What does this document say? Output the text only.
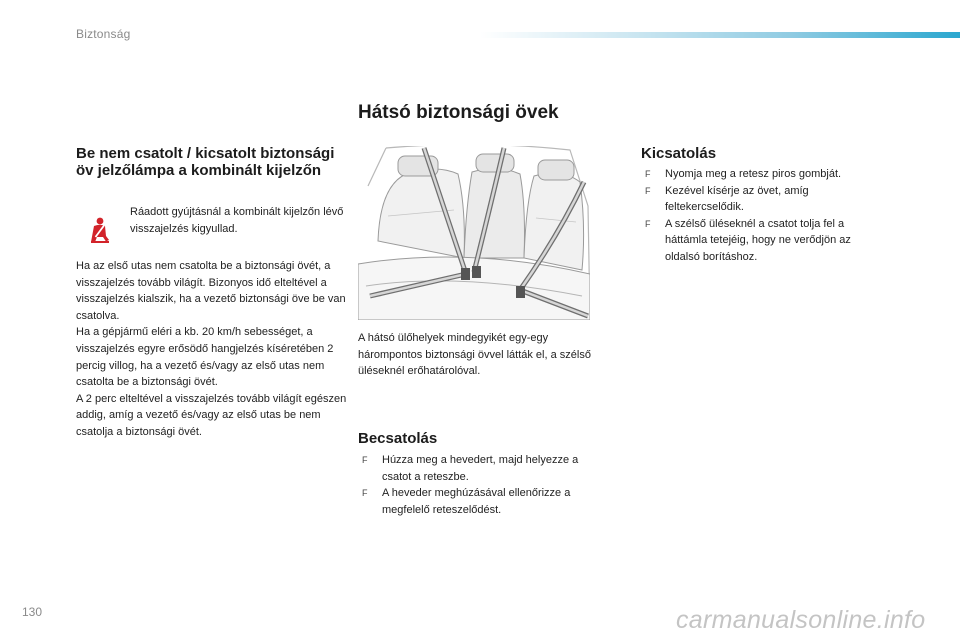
Biztonság
Hátsó biztonsági övek
Be nem csatolt / kicsatolt biztonsági öv jelzőlámpa a kombinált kijelzőn

Ráadott gyújtásnál a kombinált kijelzőn lévő visszajelzés kigyullad.

Ha az első utas nem csatolta be a biztonsági övét, a visszajelzés tovább világít. Bizonyos idő elteltével a visszajelzés kialszik, ha a vezető biztonsági öve be van csatolva.

Ha a gépjármű eléri a kb. 20 km/h sebességet, a visszajelzés egyre erősödő hangjelzés kíséretében 2 percig villog, ha a vezető és/vagy az első utas nem csatolta be a biztonsági övét.

A 2 perc elteltével a visszajelzés tovább világít egészen addig, amíg a vezető és/vagy az első utas be nem csatolja a biztonsági övét.

A hátsó ülőhelyek mindegyikét egy-egy hárompontos biztonsági övvel látták el, a szélső üléseknél erőhatárolóval.

Becsatolás
F Húzza meg a hevedert, majd helyezze a csatot a reteszbe.
F A heveder meghúzásával ellenőrizze a megfelelő reteszelődést.
Kicsatolás
F Nyomja meg a retesz piros gombját.
F Kezével kísérje az övet, amíg feltekercselődik.
F A szélső üléseknél a csatot tolja fel a háttámla tetejéig, hogy ne verődjön az oldalsó borításhoz.
130	carmanualsonline.info
